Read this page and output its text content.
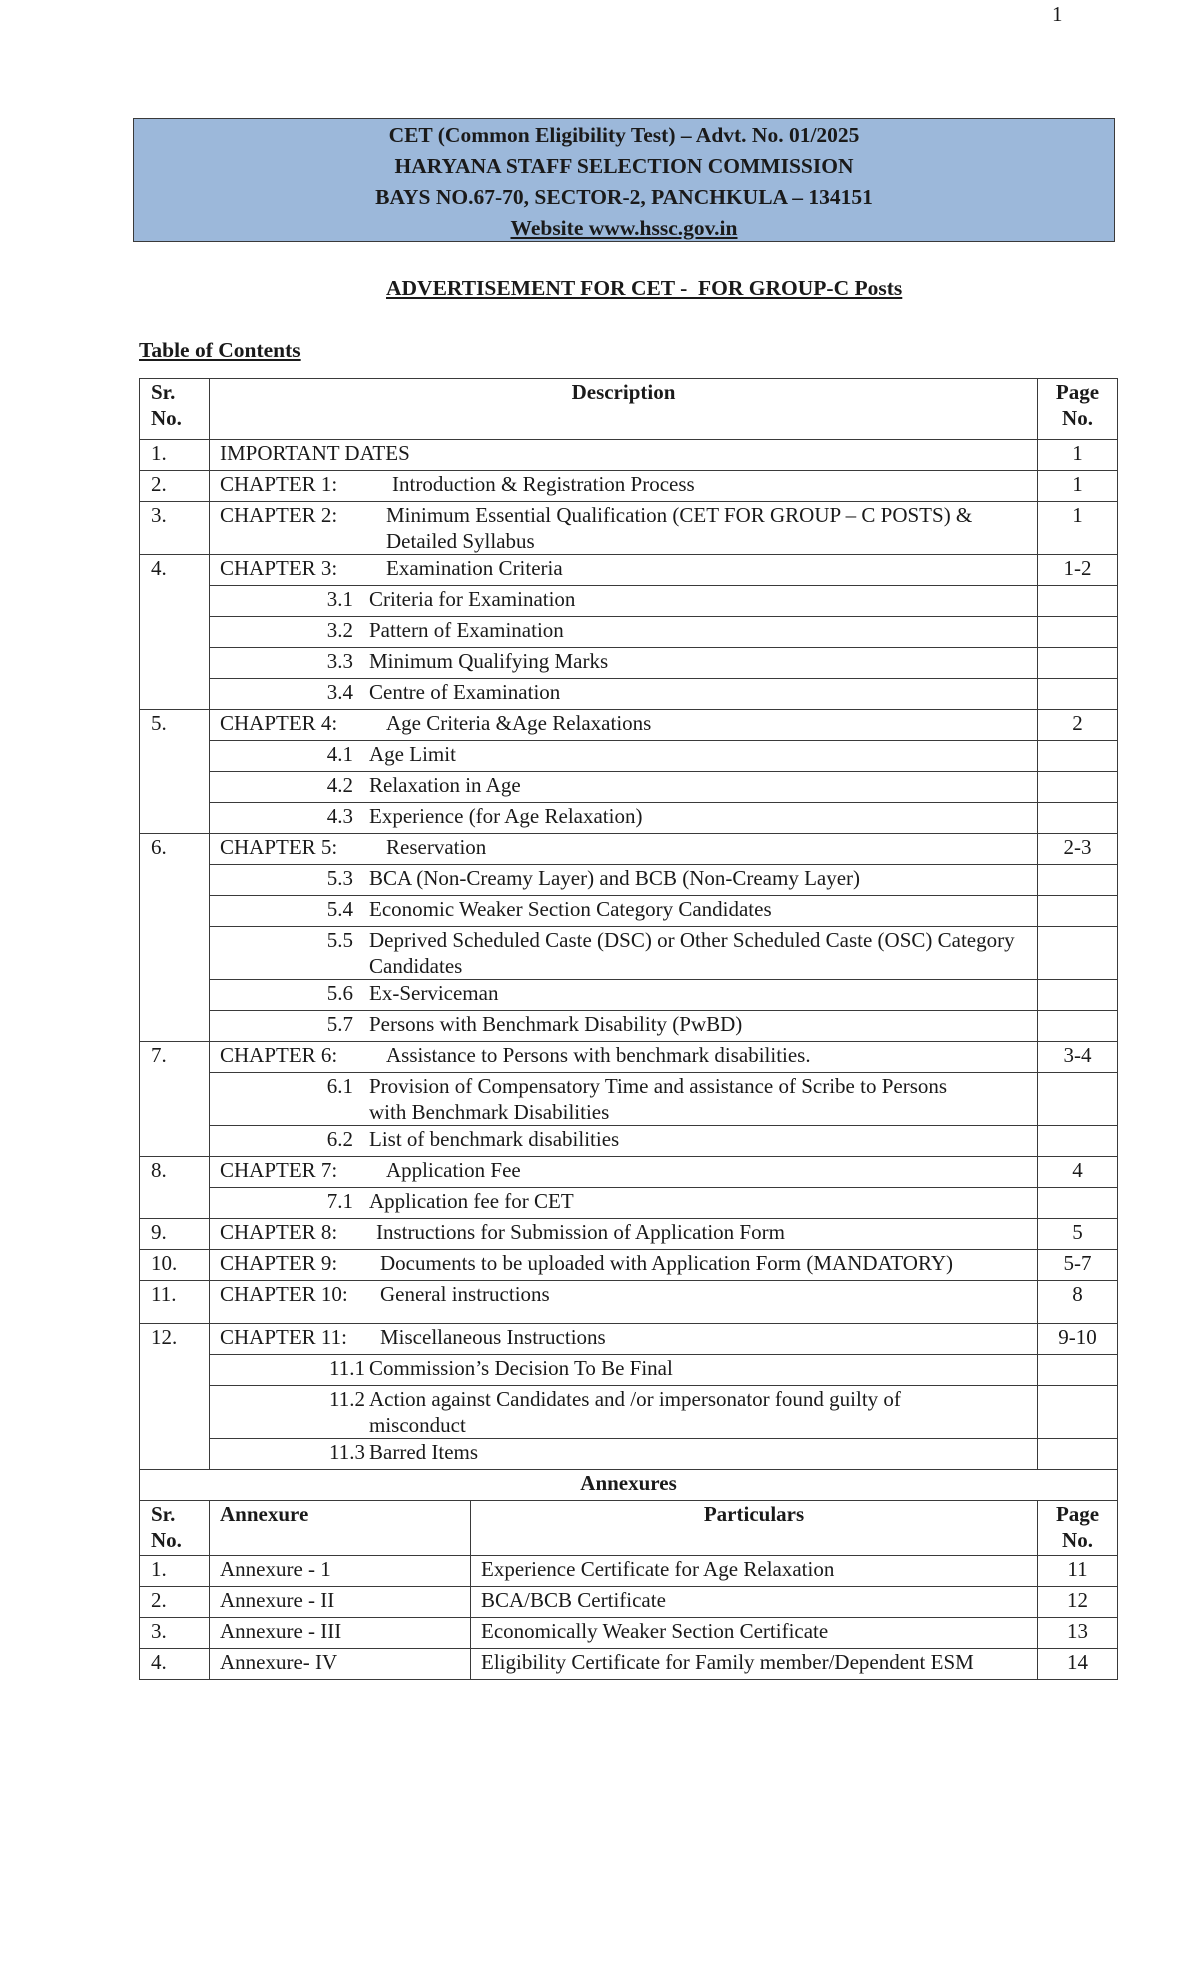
1
CET (Common Eligibility Test) – Advt. No. 01/2025
HARYANA STAFF SELECTION COMMISSION
BAYS NO.67-70, SECTOR-2, PANCHKULA – 134151
Website www.hssc.gov.in
ADVERTISEMENT FOR CET -  FOR GROUP-C Posts
Table of Contents
Sr. No.	Description	Page No.
1.	IMPORTANT DATES	1
2.	CHAPTER 1: Introduction & Registration Process	1
3.	CHAPTER 2: Minimum Essential Qualification (CET FOR GROUP – C POSTS) & Detailed Syllabus	1
4.	CHAPTER 3: Examination Criteria	1-2
	3.1 Criteria for Examination	
	3.2 Pattern of Examination	
	3.3 Minimum Qualifying Marks	
	3.4 Centre of Examination	
5.	CHAPTER 4: Age Criteria &Age Relaxations	2
	4.1 Age Limit	
	4.2 Relaxation in Age	
	4.3 Experience (for Age Relaxation)	
6.	CHAPTER 5: Reservation	2-3
	5.3 BCA (Non-Creamy Layer) and BCB (Non-Creamy Layer)	
	5.4 Economic Weaker Section Category Candidates	
	5.5 Deprived Scheduled Caste (DSC) or Other Scheduled Caste (OSC) Category Candidates	
	5.6 Ex-Serviceman	
	5.7 Persons with Benchmark Disability (PwBD)	
7.	CHAPTER 6: Assistance to Persons with benchmark disabilities.	3-4
	6.1 Provision of Compensatory Time and assistance of Scribe to Persons with Benchmark Disabilities	
	6.2 List of benchmark disabilities	
8.	CHAPTER 7: Application Fee	4
	7.1 Application fee for CET	
9.	CHAPTER 8: Instructions for Submission of Application Form	5
10.	CHAPTER 9: Documents to be uploaded with Application Form (MANDATORY)	5-7
11.	CHAPTER 10: General instructions	8
12.	CHAPTER 11: Miscellaneous Instructions	9-10
	11.1 Commission’s Decision To Be Final	
	11.2 Action against Candidates and /or impersonator found guilty of misconduct	
	11.3 Barred Items	
Annexures			
Sr. No.	Annexure	Particulars	Page No.
1.	Annexure - 1	Experience Certificate for Age Relaxation	11
2.	Annexure - II	BCA/BCB Certificate	12
3.	Annexure - III	Economically Weaker Section Certificate	13
4.	Annexure- IV	Eligibility Certificate for Family member/Dependent ESM	14
